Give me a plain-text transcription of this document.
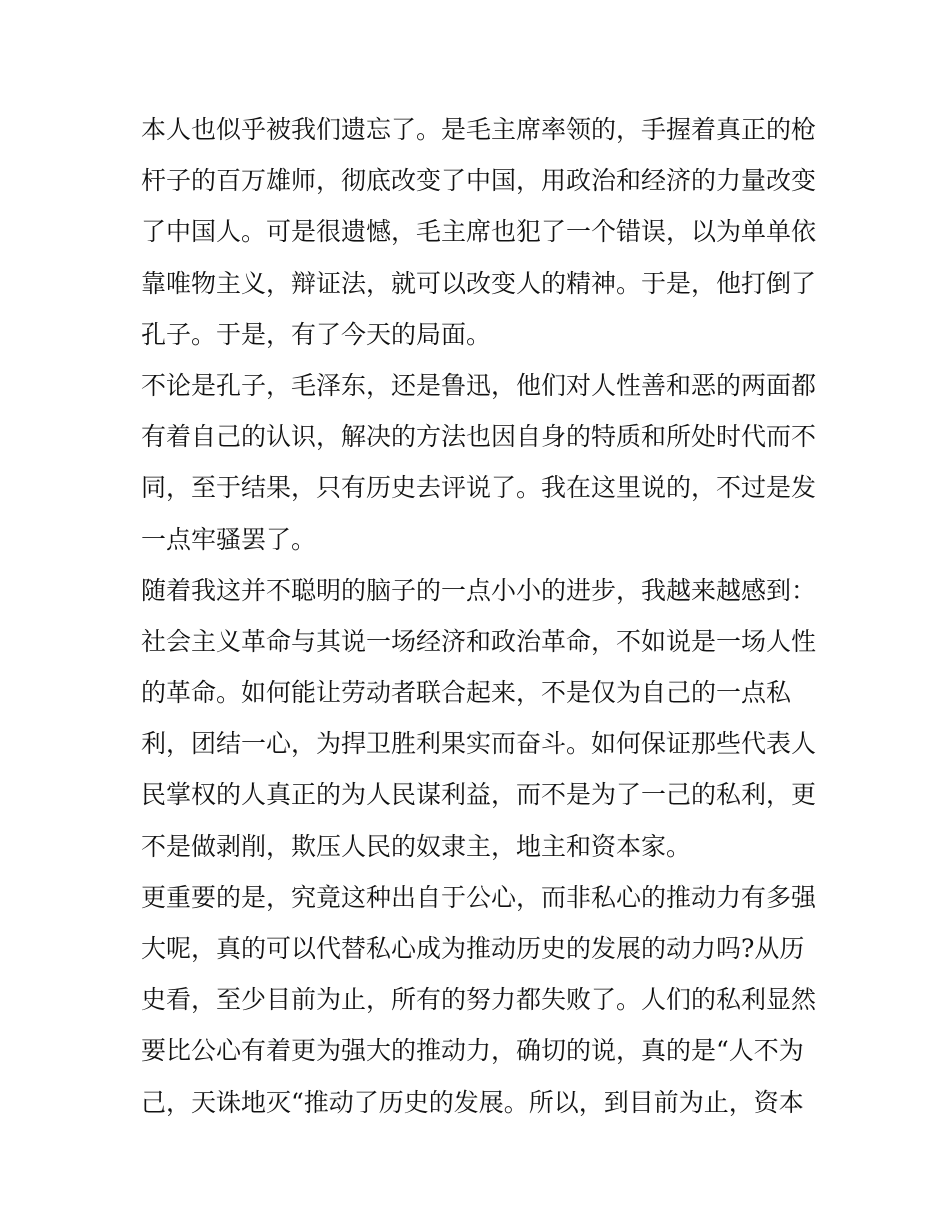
本人也似乎被我们遗忘了。是毛主席率领的，手握着真正的枪
杆子的百万雄师，彻底改变了中国，用政治和经济的力量改变
了中国人。可是很遗憾，毛主席也犯了一个错误，以为单单依
靠唯物主义，辩证法，就可以改变人的精神。于是，他打倒了
孔子。于是，有了今天的局面。
不论是孔子，毛泽东，还是鲁迅，他们对人性善和恶的两面都
有着自己的认识，解决的方法也因自身的特质和所处时代而不
同，至于结果，只有历史去评说了。我在这里说的，不过是发
一点牢骚罢了。
随着我这并不聪明的脑子的一点小小的进步，我越来越感到：
社会主义革命与其说一场经济和政治革命，不如说是一场人性
的革命。如何能让劳动者联合起来，不是仅为自己的一点私
利，团结一心，为捍卫胜利果实而奋斗。如何保证那些代表人
民掌权的人真正的为人民谋利益，而不是为了一己的私利，更
不是做剥削，欺压人民的奴隶主，地主和资本家。
更重要的是，究竟这种出自于公心，而非私心的推动力有多强
大呢，真的可以代替私心成为推动历史的发展的动力吗?从历
史看，至少目前为止，所有的努力都失败了。人们的私利显然
要比公心有着更为强大的推动力，确切的说，真的是“人不为
己，天诛地灭“推动了历史的发展。所以，到目前为止，资本
